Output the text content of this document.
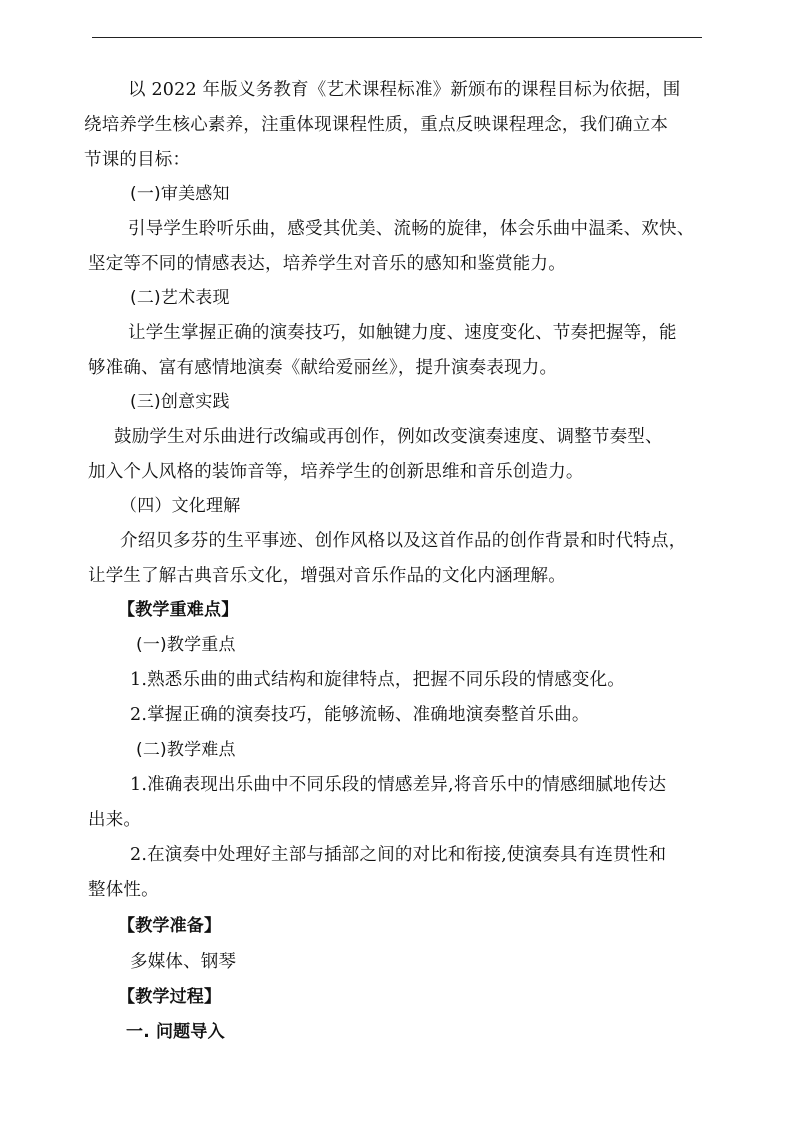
以 2022 年版义务教育《艺术课程标准》新颁布的课程目标为依据，围
绕培养学生核心素养，注重体现课程性质，重点反映课程理念，我们确立本
节课的目标：
(一)审美感知
引导学生聆听乐曲，感受其优美、流畅的旋律，体会乐曲中温柔、欢快、
坚定等不同的情感表达，培养学生对音乐的感知和鉴赏能力。
(二)艺术表现
让学生掌握正确的演奏技巧，如触键力度、速度变化、节奏把握等，能
够准确、富有感情地演奏《献给爱丽丝》，提升演奏表现力。
(三)创意实践
鼓励学生对乐曲进行改编或再创作，例如改变演奏速度、调整节奏型、
加入个人风格的装饰音等，培养学生的创新思维和音乐创造力。
（四）文化理解
介绍贝多芬的生平事迹、创作风格以及这首作品的创作背景和时代特点，
让学生了解古典音乐文化，增强对音乐作品的文化内涵理解。
【教学重难点】
(一)教学重点
1.熟悉乐曲的曲式结构和旋律特点，把握不同乐段的情感变化。
2.掌握正确的演奏技巧，能够流畅、准确地演奏整首乐曲。
(二)教学难点
1.准确表现出乐曲中不同乐段的情感差异,将音乐中的情感细腻地传达
出来。
2.在演奏中处理好主部与插部之间的对比和衔接,使演奏具有连贯性和
整体性。
【教学准备】
多媒体、钢琴
【教学过程】
一. 问题导入
